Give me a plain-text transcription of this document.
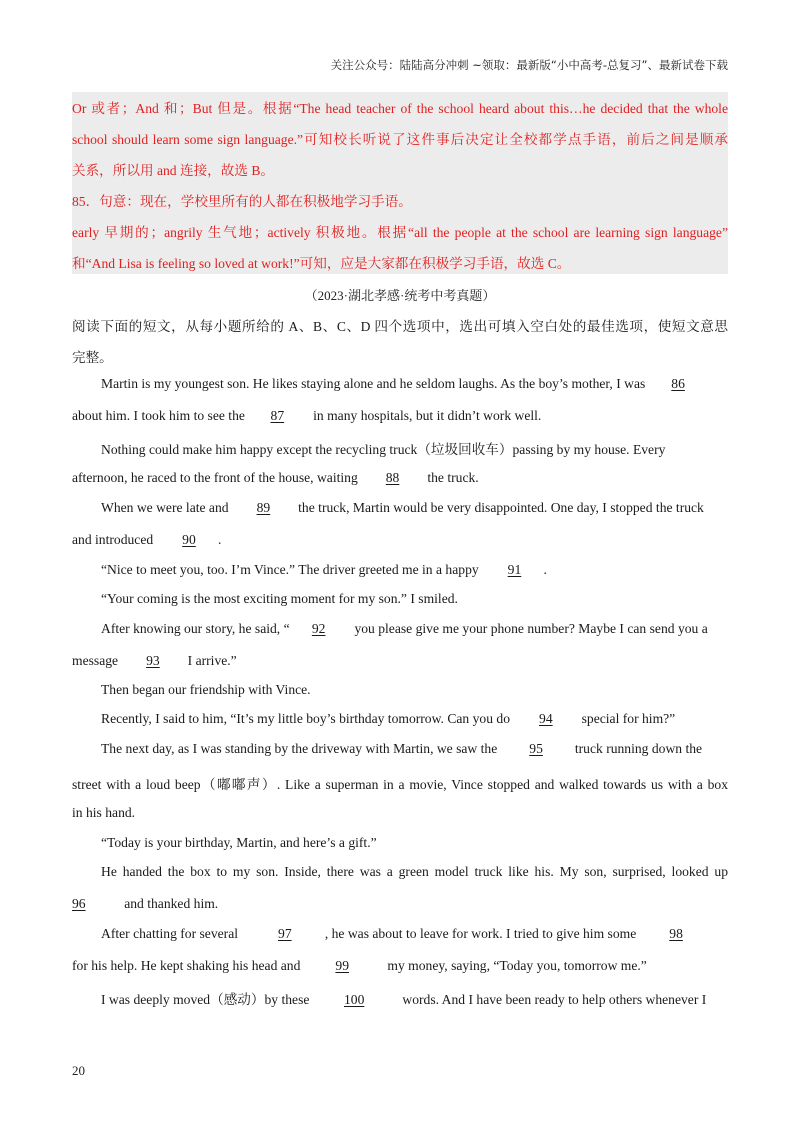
关注公众号：陆陆高分冲刺 ~领取：最新版“小中高考-总复习”、最新试卷下载
Or 或者；And 和；But 但是。根据“The head teacher of the school heard about this…he decided that the whole
school should learn some sign language.”可知校长听说了这件事后决定让全校都学点手语，前后之间是顺承
关系，所以用 and 连接，故选 B。
85．句意：现在，学校里所有的人都在积极地学习手语。
early 早期的；angrily 生气地；actively 积极地。根据“all the people at the school are learning sign language”
和“And Lisa is feeling so loved at work!”可知，应是大家都在积极学习手语，故选 C。
（2023·湖北孝感·统考中考真题）
阅读下面的短文，从每小题所给的 A、B、C、D 四个选项中，选出可填入空白处的最佳选项，使短文意思
完整。
Martin is my youngest son. He likes staying alone and he seldom laughs. As the boy’s mother, I was 86
about him. I took him to see the 87 in many hospitals, but it didn’t work well.
Nothing could make him happy except the recycling truck（垃圾回收车）passing by my house. Every
afternoon, he raced to the front of the house, waiting 88 the truck.
When we were late and 89 the truck, Martin would be very disappointed. One day, I stopped the truck
and introduced 90 .
“Nice to meet you, too. I’m Vince.” The driver greeted me in a happy 91 .
“Your coming is the most exciting moment for my son.” I smiled.
After knowing our story, he said, “ 92 you please give me your phone number? Maybe I can send you a
message 93 I arrive.”
Then began our friendship with Vince.
Recently, I said to him, “It’s my little boy’s birthday tomorrow. Can you do 94 special for him?”
The next day, as I was standing by the driveway with Martin, we saw the 95 truck running down the
street with a loud beep（嘟嘟声）. Like a superman in a movie, Vince stopped and walked towards us with a box
in his hand.
“Today is your birthday, Martin, and here’s a gift.”
He handed the box to my son. Inside, there was a green model truck like his. My son, surprised, looked up
96	and thanked him.
After chatting for several	97 , he was about to leave for work. I tried to give him some 98
for his help. He kept shaking his head and	99	my money, saying, “Today you, tomorrow me.”
I was deeply moved（感动）by these	100	words. And I have been ready to help others whenever I
20
